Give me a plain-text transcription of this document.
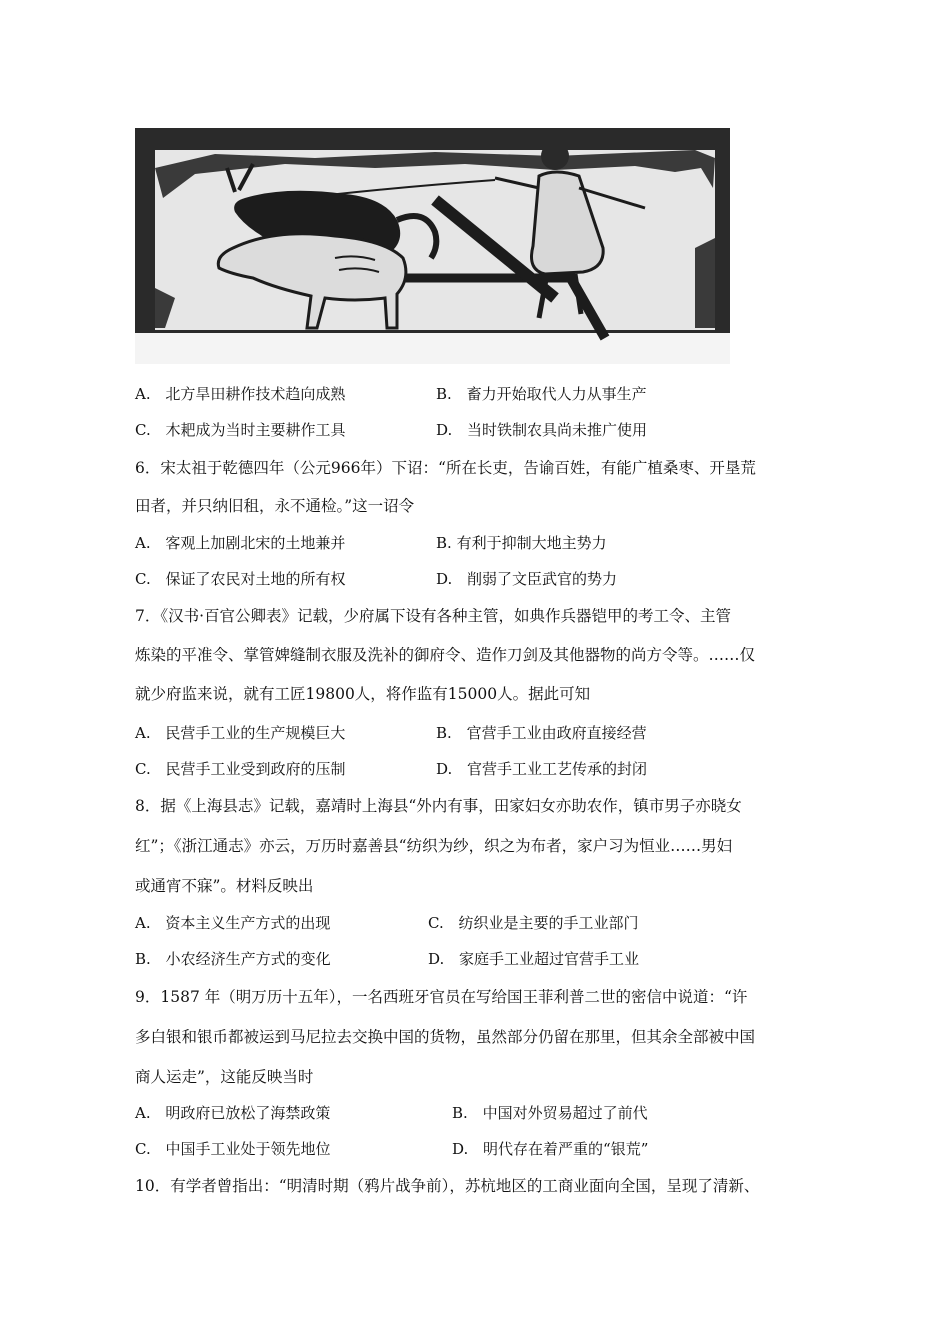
A. 北方旱田耕作技术趋向成熟	B. 畜力开始取代人力从事生产
C. 木耙成为当时主要耕作工具	D. 当时铁制农具尚未推广使用
6．宋太祖于乾德四年（公元966年）下诏：“所在长吏，告谕百姓，有能广植桑枣、开垦荒
田者，并只纳旧租，永不通检。”这一诏令
A. 客观上加剧北宋的土地兼并	B. 有利于抑制大地主势力
C. 保证了农民对土地的所有权	D. 削弱了文臣武官的势力
7．《汉书·百官公卿表》记载，少府属下设有各种主管，如典作兵器铠甲的考工令、主管
炼染的平准令、掌管婢缝制衣服及洗补的御府令、造作刀剑及其他器物的尚方令等。……仅
就少府监来说，就有工匠19800人，将作监有15000人。据此可知
A. 民营手工业的生产规模巨大	B. 官营手工业由政府直接经营
C. 民营手工业受到政府的压制	D. 官营手工业工艺传承的封闭
8．据《上海县志》记载，嘉靖时上海县“外内有事，田家妇女亦助农作，镇市男子亦晓女
红”；《浙江通志》亦云，万历时嘉善县“纺织为纱，织之为布者，家户习为恒业……男妇
或通宵不寐”。材料反映出
A. 资本主义生产方式的出现	C. 纺织业是主要的手工业部门
B. 小农经济生产方式的变化	D. 家庭手工业超过官营手工业
9．1587 年（明万历十五年），一名西班牙官员在写给国王菲利普二世的密信中说道：“许
多白银和银币都被运到马尼拉去交换中国的货物，虽然部分仍留在那里，但其余全部被中国
商人运走”，这能反映当时
A. 明政府已放松了海禁政策	B. 中国对外贸易超过了前代
C. 中国手工业处于领先地位	D. 明代存在着严重的“银荒”
10．有学者曾指出：“明清时期（鸦片战争前），苏杭地区的工商业面向全国，呈现了清新、
